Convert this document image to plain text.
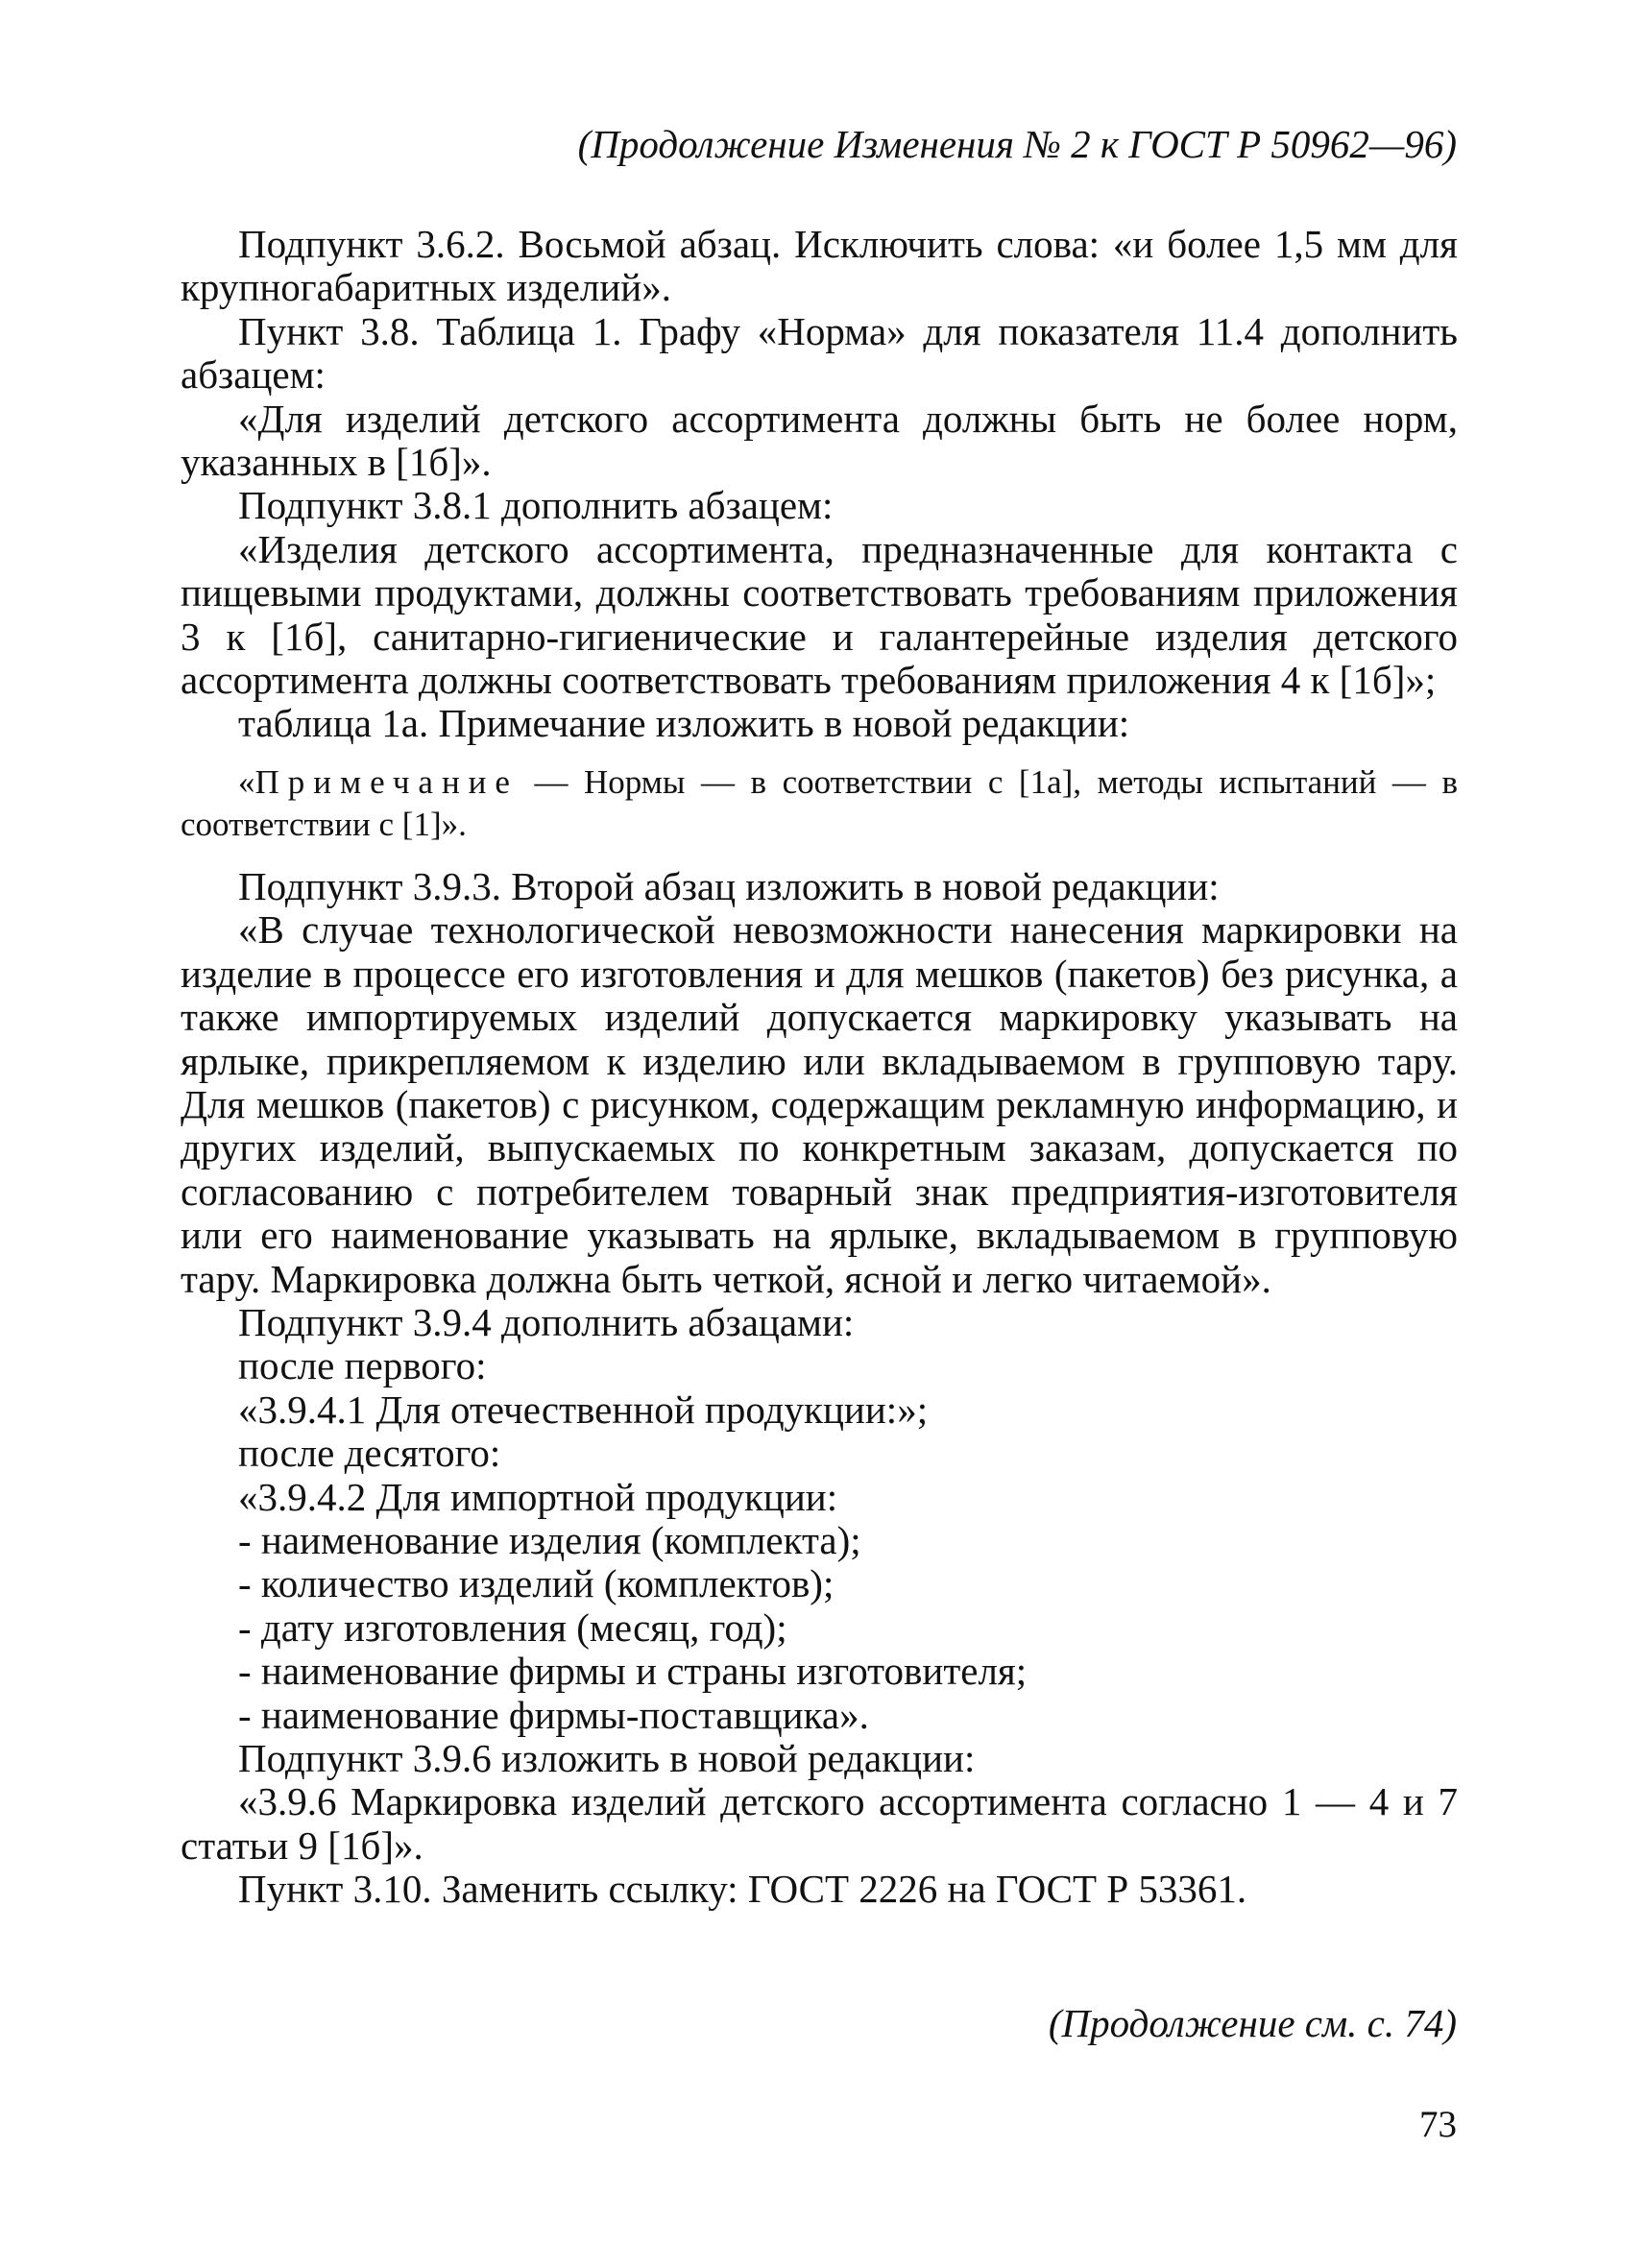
(Продолжение Изменения № 2 к ГОСТ Р 50962—96)

Подпункт 3.6.2. Восьмой абзац. Исключить слова: «и более 1,5 мм для крупногабаритных изделий».

Пункт 3.8. Таблица 1. Графу «Норма» для показателя 11.4 дополнить абзацем:

«Для изделий детского ассортимента должны быть не более норм, указанных в [1б]».

Подпункт 3.8.1 дополнить абзацем:

«Изделия детского ассортимента, предназначенные для контакта с пищевыми продуктами, должны соответствовать требованиям приложения 3 к [1б], санитарно-гигиенические и галантерейные изделия детского ассортимента должны соответствовать требованиям приложения 4 к [1б]»;

таблица 1а. Примечание изложить в новой редакции:

«Примечание — Нормы — в соответствии с [1а], методы испытаний — в соответствии с [1]».

Подпункт 3.9.3. Второй абзац изложить в новой редакции:

«В случае технологической невозможности нанесения маркировки на изделие в процессе его изготовления и для мешков (пакетов) без рисунка, а также импортируемых изделий допускается маркировку указывать на ярлыке, прикрепляемом к изделию или вкладываемом в групповую тару. Для мешков (пакетов) с рисунком, содержащим рекламную информацию, и других изделий, выпускаемых по конкретным заказам, допускается по согласованию с потребителем товарный знак предприятия-изготовителя или его наименование указывать на ярлыке, вкладываемом в групповую тару. Маркировка должна быть четкой, ясной и легко читаемой».

Подпункт 3.9.4 дополнить абзацами:

после первого:

«3.9.4.1 Для отечественной продукции:»;

после десятого:

«3.9.4.2 Для импортной продукции:

- наименование изделия (комплекта);

- количество изделий (комплектов);

- дату изготовления (месяц, год);

- наименование фирмы и страны изготовителя;

- наименование фирмы-поставщика».

Подпункт 3.9.6 изложить в новой редакции:

«3.9.6 Маркировка изделий детского ассортимента согласно 1 — 4 и 7 статьи 9 [1б]».

Пункт 3.10. Заменить ссылку: ГОСТ 2226 на ГОСТ Р 53361.

(Продолжение см. с. 74)
73
